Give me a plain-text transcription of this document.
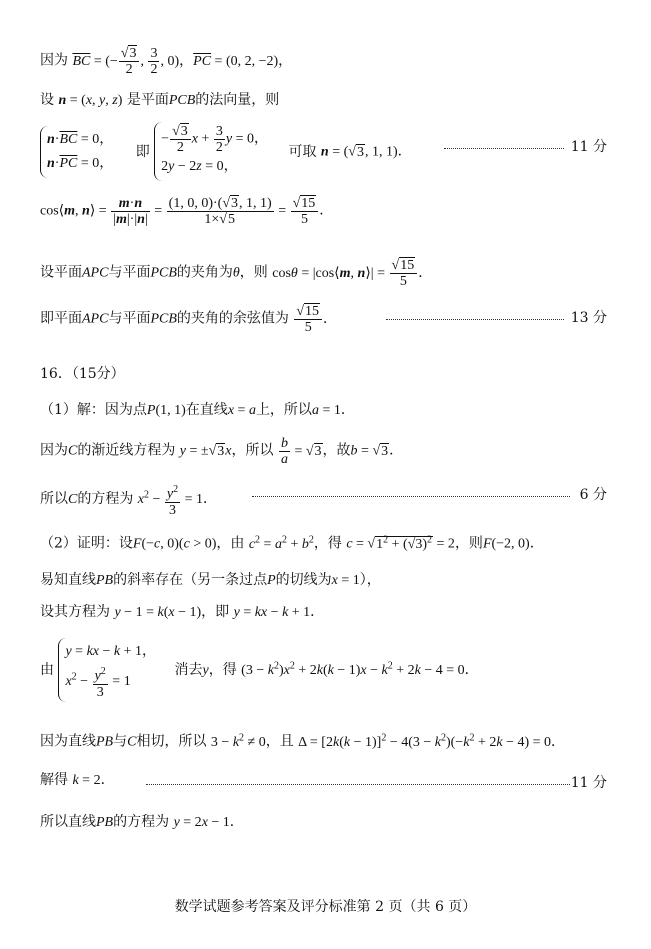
因为 $\overline{BC}$ = (− $\frac{√3}{2}$ , $\frac{3}{2}$ , 0)，$\overline{PC} = (0$, 2, −2)，
设 n = (x, y, z) 是平面PCB的法向量，则
$n\cdot\overline{BC} = 0$，
$n\cdot\overline{PC} = 0$，
即
− $\frac{√3}{2}$ $x + \frac{3}{2}$ y = 0，
2y − 2z = 0，
可取 n = (√3, 1, 1)．	11 分
cos⟨m, n⟩ = $\frac{m\cdot n}{|m|\cdot|n|} = \frac{(1, 0, 0)\cdot(√3, 1, 1)}{1\times√5} = \frac{√15}{5}$ ．
设平面APC与平面PCB的夹角为θ，则 cosθ = |cos⟨m, n⟩| = $\frac{√15}{5}$ ．
即平面APC与平面PCB的夹角的余弦值为 $\frac{√15}{5}$ ．	13 分
16．（15分）
（1）解：因为点P(1, 1)在直线x = a上，所以a = 1．
因为C的渐近线方程为 y = ±√3x，所以 $\frac{b}{a} = √3$，故b = √3．
所以C的方程为 $x^2 - \frac{y^2}{3} = 1$．	6 分
（2）证明：设F(−c, 0)(c > 0)，由 $c^2 = a^2 + b^2$，得 $c = √1^2 + (√3)^2 = 2$，则F(−2, 0)．
易知直线PB的斜率存在（另一条过点P的切线为x = 1），
设其方程为 y − 1 = k(x − 1)，即 y = kx − k + 1．
由
y = kx − k + 1，
$x^2 - \frac{y^2}{3} = 1$
消去y，得 $(3 - k^2)x^2 + 2k(k - 1)x - k^2 + 2k - 4 = 0$．
因为直线PB与C相切，所以 $3 - k^2 \ne 0$，且 $\Delta = [2k(k - 1)]^2 - 4(3 - k^2)(-k^2 + 2k - 4) = 0$．
解得 k = 2．	11 分
所以直线PB的方程为 y = 2x − 1．
数学试题参考答案及评分标准第 2 页（共 6 页）
